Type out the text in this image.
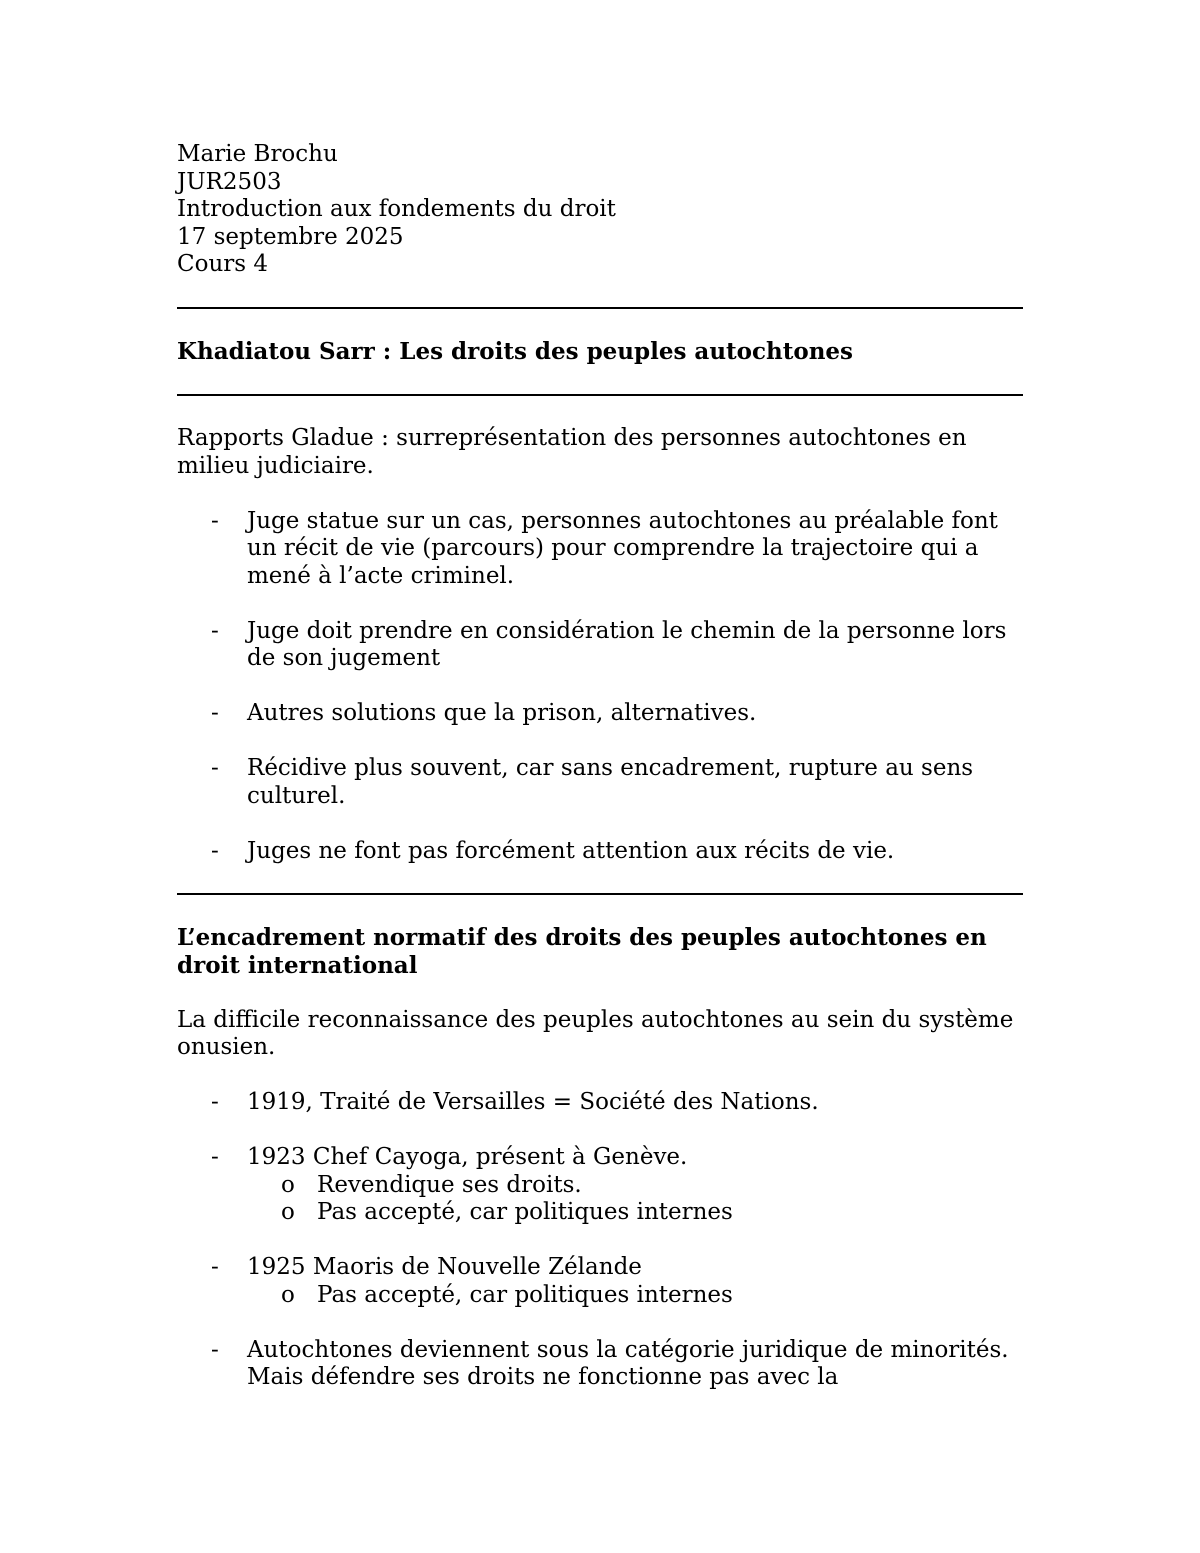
Marie Brochu
JUR2503
Introduction aux fondements du droit
17 septembre 2025
Cours 4

Khadiatou Sarr : Les droits des peuples autochtones

Rapports Gladue : surreprésentation des personnes autochtones en milieu judiciaire.

- Juge statue sur un cas, personnes autochtones au préalable font un récit de vie (parcours) pour comprendre la trajectoire qui a mené à l’acte criminel.
- Juge doit prendre en considération le chemin de la personne lors de son jugement
- Autres solutions que la prison, alternatives.
- Récidive plus souvent, car sans encadrement, rupture au sens culturel.
- Juges ne font pas forcément attention aux récits de vie.

L’encadrement normatif des droits des peuples autochtones en droit international

La difficile reconnaissance des peuples autochtones au sein du système onusien.

- 1919, Traité de Versailles = Société des Nations.
- 1923 Chef Cayoga, présent à Genève.
o Revendique ses droits.
o Pas accepté, car politiques internes
- 1925 Maoris de Nouvelle Zélande
o Pas accepté, car politiques internes
- Autochtones deviennent sous la catégorie juridique de minorités. Mais défendre ses droits ne fonctionne pas avec la
